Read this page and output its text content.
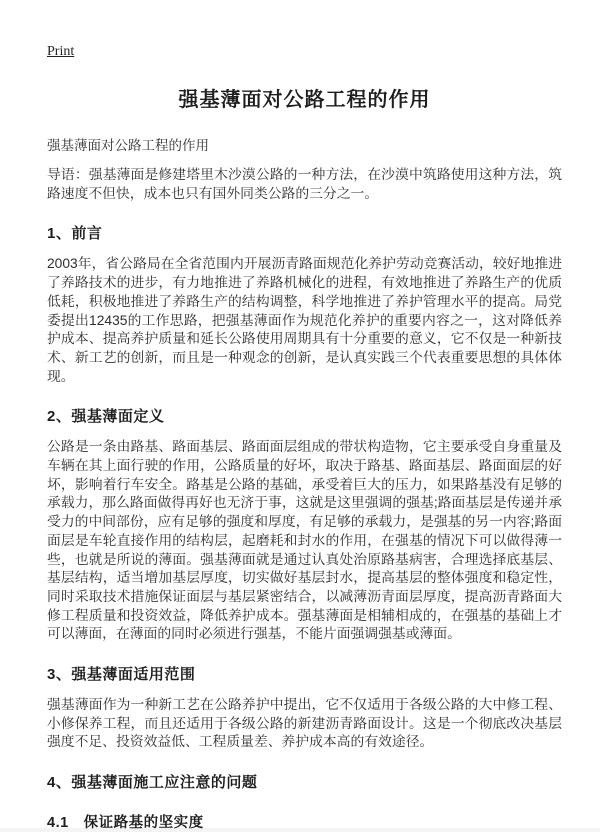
Print
强基薄面对公路工程的作用
强基薄面对公路工程的作用

导语：强基薄面是修建塔里木沙漠公路的一种方法，在沙漠中筑路使用这种方法，筑路速度不但快，成本也只有国外同类公路的三分之一。

1、前言

2003年，省公路局在全省范围内开展沥青路面规范化养护劳动竞赛活动，较好地推进了养路技术的进步，有力地推进了养路机械化的进程，有效地推进了养路生产的优质低耗，积极地推进了养路生产的结构调整，科学地推进了养护管理水平的提高。局党委提出12435的工作思路，把强基薄面作为规范化养护的重要内容之一，这对降低养护成本、提高养护质量和延长公路使用周期具有十分重要的意义，它不仅是一种新技术、新工艺的创新，而且是一种观念的创新，是认真实践三个代表重要思想的具体体现。

2、强基薄面定义

公路是一条由路基、路面基层、路面面层组成的带状构造物，它主要承受自身重量及车辆在其上面行驶的作用，公路质量的好坏，取决于路基、路面基层、路面面层的好坏，影响着行车安全。路基是公路的基础，承受着巨大的压力，如果路基没有足够的承载力，那么路面做得再好也无济于事，这就是这里强调的强基;路面基层是传递并承受力的中间部份，应有足够的强度和厚度，有足够的承载力，是强基的另一内容;路面面层是车轮直接作用的结构层，起磨耗和封水的作用，在强基的情况下可以做得薄一些，也就是所说的薄面。强基薄面就是通过认真处治原路基病害，合理选择底基层、基层结构，适当增加基层厚度，切实做好基层封水，提高基层的整体强度和稳定性，同时采取技术措施保证面层与基层紧密结合，以减薄沥青面层厚度，提高沥青路面大修工程质量和投资效益，降低养护成本。强基薄面是相辅相成的，在强基的基础上才可以薄面，在薄面的同时必须进行强基，不能片面强调强基或薄面。

3、强基薄面适用范围

强基薄面作为一种新工艺在公路养护中提出，它不仅适用于各级公路的大中修工程、小修保养工程，而且还适用于各级公路的新建沥青路面设计。这是一个彻底改决基层强度不足、投资效益低、工程质量差、养护成本高的有效途径。

4、强基薄面施工应注意的问题
4.1　保证路基的坚实度
